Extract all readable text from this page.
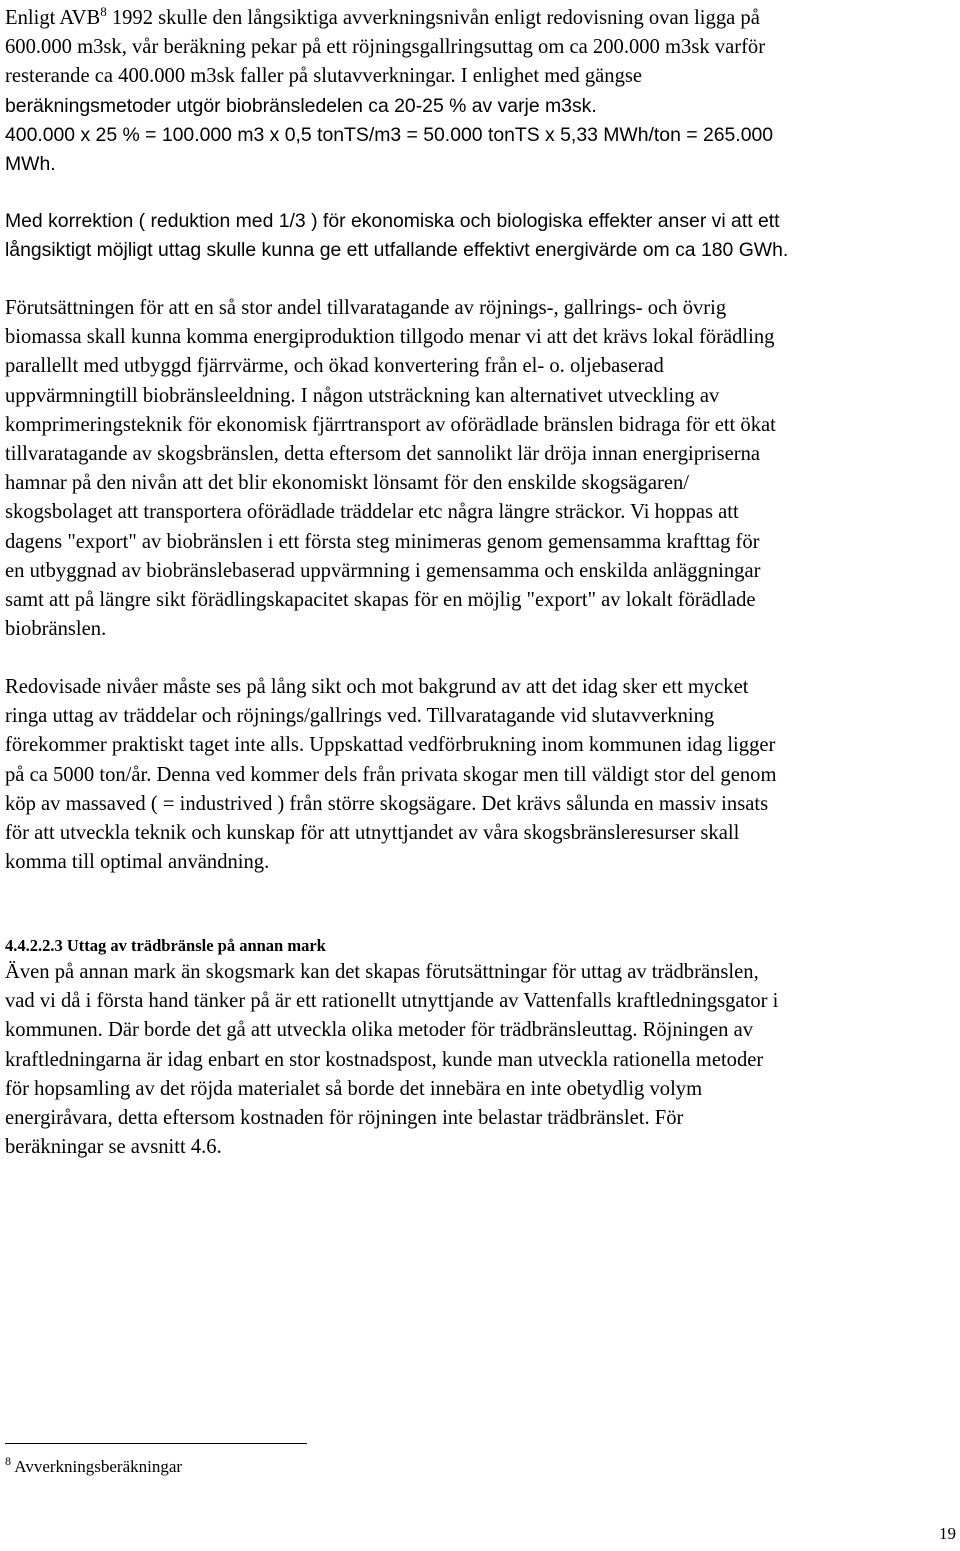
Enligt AVB$^8$ 1992 skulle den långsiktiga avverkningsnivån enligt redovisning ovan ligga på
600.000 m3sk, vår beräkning pekar på ett röjningsgallringsuttag om ca 200.000 m3sk varför
resterande ca 400.000 m3sk faller på slutavverkningar. I enlighet med gängse
beräkningsmetoder utgör biobränsledelen ca 20-25 % av varje m3sk.
400.000 x 25 % = 100.000 m3 x 0,5 tonTS/m3 = 50.000 tonTS x 5,33 MWh/ton = 265.000
MWh.

Med korrektion ( reduktion med 1/3 ) för ekonomiska och biologiska effekter anser vi att ett
långsiktigt möjligt uttag skulle kunna ge ett utfallande effektivt energivärde om ca 180 GWh.

Förutsättningen för att en så stor andel tillvaratagande av röjnings-, gallrings- och övrig
biomassa skall kunna komma energiproduktion tillgodo menar vi att det krävs lokal förädling
parallellt med utbyggd fjärrvärme, och ökad konvertering från el- o. oljebaserad
uppvärmningtill biobränsleeldning. I någon utsträckning kan alternativet utveckling av
komprimeringsteknik för ekonomisk fjärrtransport av oförädlade bränslen bidraga för ett ökat
tillvaratagande av skogsbränslen, detta eftersom det sannolikt lär dröja innan energipriserna
hamnar på den nivån att det blir ekonomiskt lönsamt för den enskilde skogsägaren/
skogsbolaget att transportera oförädlade träddelar etc några längre sträckor. Vi hoppas att
dagens "export" av biobränslen i ett första steg minimeras genom gemensamma krafttag för
en utbyggnad av biobränslebaserad uppvärmning i gemensamma och enskilda anläggningar
samt att på längre sikt förädlingskapacitet skapas för en möjlig "export" av lokalt förädlade
biobränslen.

Redovisade nivåer måste ses på lång sikt och mot bakgrund av att det idag sker ett mycket
ringa uttag av träddelar och röjnings/gallrings ved. Tillvaratagande vid slutavverkning
förekommer praktiskt taget inte alls. Uppskattad vedförbrukning inom kommunen idag ligger
på ca 5000 ton/år. Denna ved kommer dels från privata skogar men till väldigt stor del genom
köp av massaved ( = industrived ) från större skogsägare. Det krävs sålunda en massiv insats
för att utveckla teknik och kunskap för att utnyttjandet av våra skogsbränsleresurser skall
komma till optimal användning.

4.4.2.2.3 Uttag av trädbränsle på annan mark

Även på annan mark än skogsmark kan det skapas förutsättningar för uttag av trädbränslen,
vad vi då i första hand tänker på är ett rationellt utnyttjande av Vattenfalls kraftledningsgator i
kommunen. Där borde det gå att utveckla olika metoder för trädbränsleuttag. Röjningen av
kraftledningarna är idag enbart en stor kostnadspost, kunde man utveckla rationella metoder
för hopsamling av det röjda materialet så borde det innebära en inte obetydlig volym
energiråvara, detta eftersom kostnaden för röjningen inte belastar trädbränslet. För
beräkningar se avsnitt 4.6.

$^8$ Avverkningsberäkningar

19
